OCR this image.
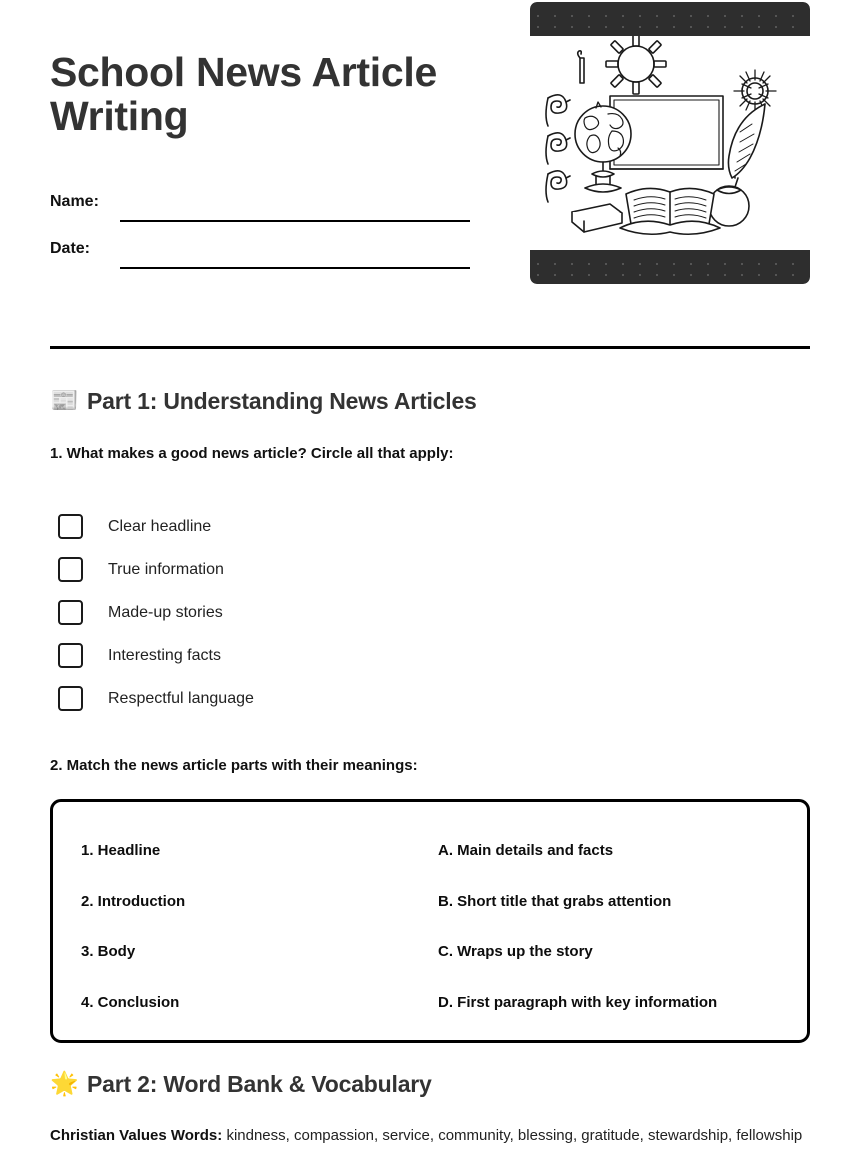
School News Article Writing
Name:
Date:
📰 Part 1: Understanding News Articles
1. What makes a good news article? Circle all that apply:
Clear headline
True information
Made-up stories
Interesting facts
Respectful language
2. Match the news article parts with their meanings:
1. Headline
2. Introduction
3. Body
4. Conclusion
A. Main details and facts
B. Short title that grabs attention
C. Wraps up the story
D. First paragraph with key information
🌟 Part 2: Word Bank & Vocabulary
Christian Values Words: kindness, compassion, service, community, blessing, gratitude, stewardship, fellowship
